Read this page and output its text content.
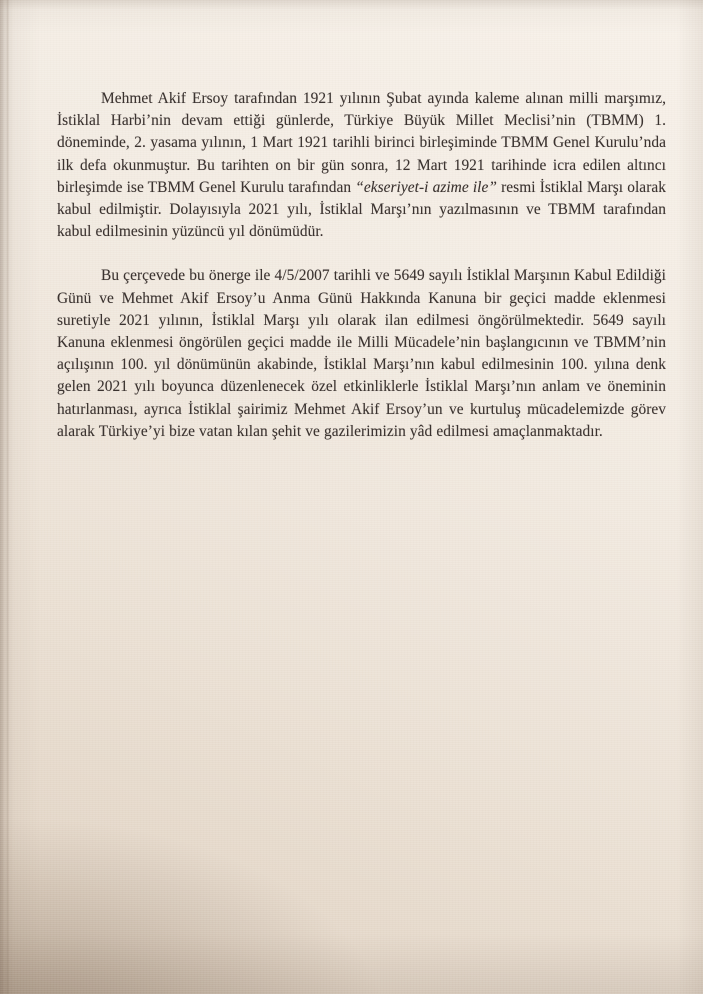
Mehmet Akif Ersoy tarafından 1921 yılının Şubat ayında kaleme alınan milli marşımız, İstiklal Harbi’nin devam ettiği günlerde, Türkiye Büyük Millet Meclisi’nin (TBMM) 1. döneminde, 2. yasama yılının, 1 Mart 1921 tarihli birinci birleşiminde TBMM Genel Kurulu’nda ilk defa okunmuştur. Bu tarihten on bir gün sonra, 12 Mart 1921 tarihinde icra edilen altıncı birleşimde ise TBMM Genel Kurulu tarafından “ekseriyet-i azime ile” resmi İstiklal Marşı olarak kabul edilmiştir. Dolayısıyla 2021 yılı, İstiklal Marşı’nın yazılmasının ve TBMM tarafından kabul edilmesinin yüzüncü yıl dönümüdür.

Bu çerçevede bu önerge ile 4/5/2007 tarihli ve 5649 sayılı İstiklal Marşının Kabul Edildiği Günü ve Mehmet Akif Ersoy’u Anma Günü Hakkında Kanuna bir geçici madde eklenmesi suretiyle 2021 yılının, İstiklal Marşı yılı olarak ilan edilmesi öngörülmektedir. 5649 sayılı Kanuna eklenmesi öngörülen geçici madde ile Milli Mücadele’nin başlangıcının ve TBMM’nin açılışının 100. yıl dönümünün akabinde, İstiklal Marşı’nın kabul edilmesinin 100. yılına denk gelen 2021 yılı boyunca düzenlenecek özel etkinliklerle İstiklal Marşı’nın anlam ve öneminin hatırlanması, ayrıca İstiklal şairimiz Mehmet Akif Ersoy’un ve kurtuluş mücadelemizde görev alarak Türkiye’yi bize vatan kılan şehit ve gazilerimizin yâd edilmesi amaçlanmaktadır.
